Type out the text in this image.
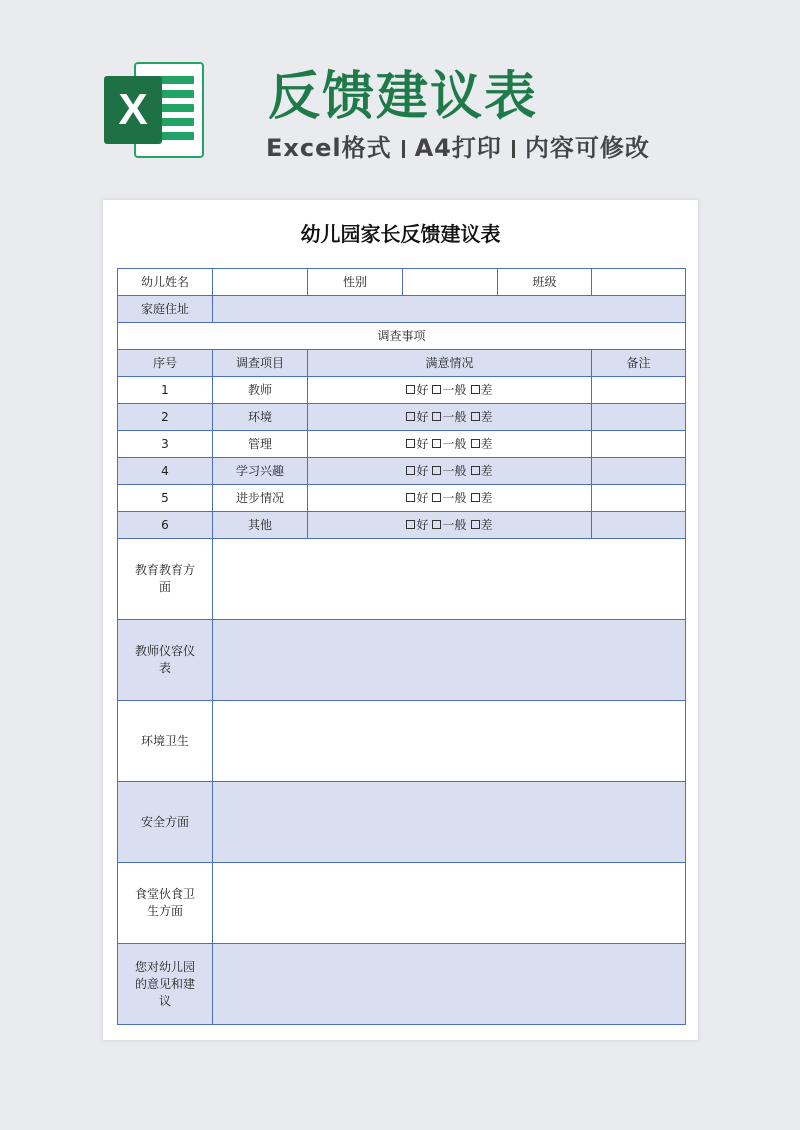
X 反馈建议表
Excel格式 A4打印 内容可修改
幼儿园家长反馈建议表
幼儿姓名		性别		班级	
家庭住址					
调查事项					
序号	调查项目	满意情况			备注
1	教师	好 一般 差			
2	环境	好 一般 差			
3	管理	好 一般 差			
4	学习兴趣	好 一般 差			
5	进步情况	好 一般 差			
6	其他	好 一般 差			
教育教育方面					
教师仪容仪表					
环境卫生					
安全方面					
食堂伙食卫生方面					
您对幼儿园的意见和建议					
